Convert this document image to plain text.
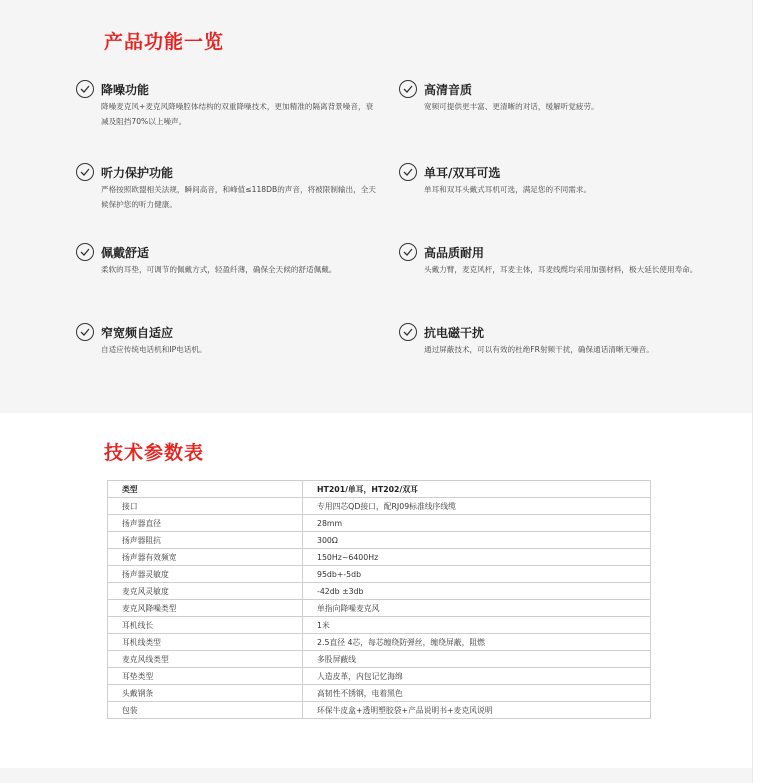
产品功能一览
降噪功能
降噪麦克风+麦克风降噪腔体结构的双重降噪技术，更加精准的隔离背景噪音，衰减及阻挡70%以上噪声。
高清音质
宽频可提供更丰富、更清晰的对话，缓解听觉疲劳。
听力保护功能
严格按照欧盟相关法规，瞬间高音，和峰值≤118DB的声音，将被限制输出，全天候保护您的听力健康。
单耳/双耳可选
单耳和双耳头戴式耳机可选，满足您的不同需求。
佩戴舒适
柔软的耳垫，可调节的佩戴方式，轻盈纤薄，确保全天候的舒适佩戴。
高品质耐用
头戴力臂，麦克风杆，耳麦主体，耳麦线缆均采用加强材料，极大延长使用寿命。
窄宽频自适应
自适应传统电话机和IP电话机。
抗电磁干扰
通过屏蔽技术，可以有效的杜绝FR射频干扰，确保通话清晰无噪音。
技术参数表
类型	HT201/单耳，HT202/双耳
接口	专用四芯QD接口，配RJ09标准线序线缆
扬声器直径	28mm
扬声器阻抗	300Ω
扬声器有效频宽	150Hz~6400Hz
扬声器灵敏度	95db+-5db
麦克风灵敏度	-42db ±3db
麦克风降噪类型	单指向降噪麦克风
耳机线长	1米
耳机线类型	2.5直径 4芯，每芯缠绕防弹丝，缠绕屏蔽，阻燃
麦克风线类型	多股屏蔽线
耳垫类型	人造皮革，内包记忆海绵
头戴钢条	高韧性不锈钢，电着黑色
包装	环保牛皮盒+透明塑胶袋+产品说明书+麦克风说明
